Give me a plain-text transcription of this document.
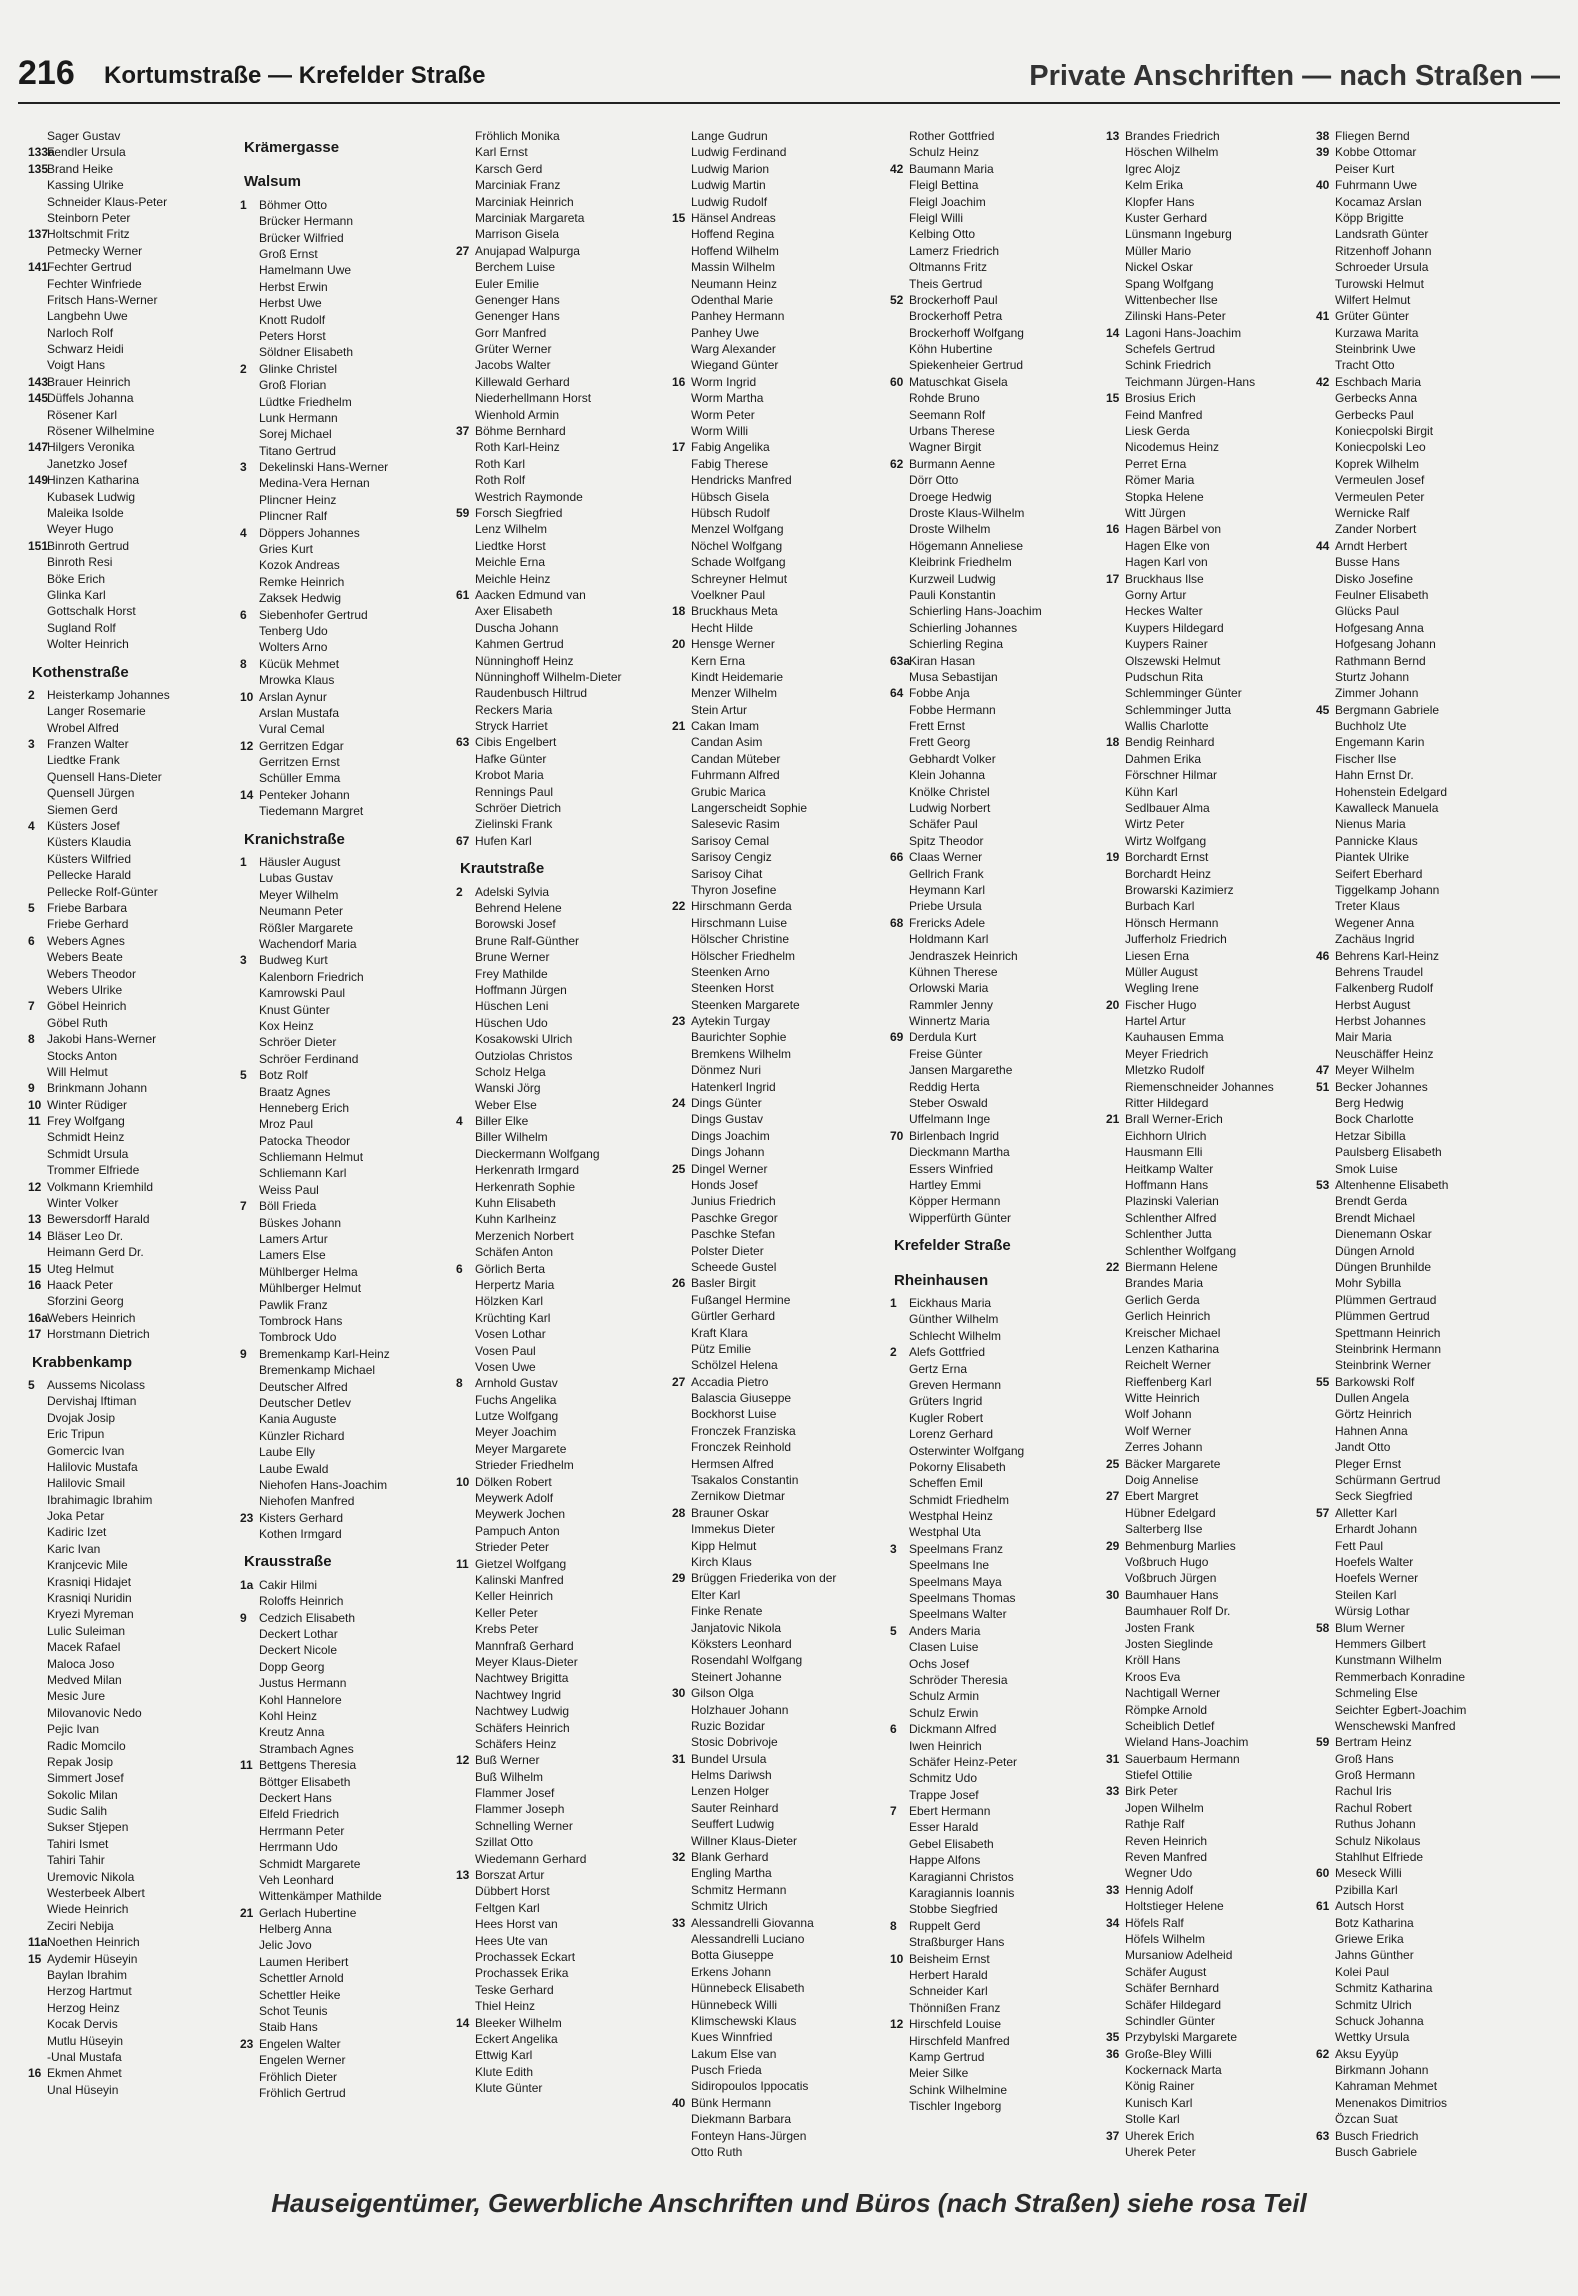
216 Kortumstraße — Krefelder Straße	Private Anschriften — nach Straßen —
Sager Gustav
133aFendler Ursula
135Brand Heike
Kassing Ulrike
Schneider Klaus-Peter
Steinborn Peter
137Holtschmit Fritz
Petmecky Werner
141Fechter Gertrud
Fechter Winfriede
Fritsch Hans-Werner
Langbehn Uwe
Narloch Rolf
Schwarz Heidi
Voigt Hans
143Brauer Heinrich
145Düffels Johanna
Rösener Karl
Rösener Wilhelmine
147Hilgers Veronika
Janetzko Josef
149Hinzen Katharina
Kubasek Ludwig
Maleika Isolde
Weyer Hugo
151Binroth Gertrud
Binroth Resi
Böke Erich
Glinka Karl
Gottschalk Horst
Sugland Rolf
Wolter Heinrich
Kothenstraße
2 Heisterkamp Johannes
Langer Rosemarie
Wrobel Alfred
3 Franzen Walter
Liedtke Frank
Quensell Hans-Dieter
Quensell Jürgen
Siemen Gerd
4 Küsters Josef
Küsters Klaudia
Küsters Wilfried
Pellecke Harald
Pellecke Rolf-Günter
5 Friebe Barbara
Friebe Gerhard
6 Webers Agnes
Webers Beate
Webers Theodor
Webers Ulrike
7 Göbel Heinrich
Göbel Ruth
8 Jakobi Hans-Werner
Stocks Anton
Will Helmut
9 Brinkmann Johann
10 Winter Rüdiger
11 Frey Wolfgang
Schmidt Heinz
Schmidt Ursula
Trommer Elfriede
12 Volkmann Kriemhild
Winter Volker
13 Bewersdorff Harald
14 Bläser Leo Dr.
Heimann Gerd Dr.
15 Uteg Helmut
16 Haack Peter
Sforzini Georg
16aWebers Heinrich
17 Horstmann Dietrich
Krabbenkamp
5 Aussems Nicolass
Dervishaj Iftiman
Dvojak Josip
Eric Tripun
Gomercic Ivan
Halilovic Mustafa
Halilovic Smail
Ibrahimagic Ibrahim
Joka Petar
Kadiric Izet
Karic Ivan
Kranjcevic Mile
Krasniqi Hidajet
Krasniqi Nuridin
Kryezi Myreman
Lulic Suleiman
Macek Rafael
Maloca Joso
Medved Milan
Mesic Jure
Milovanovic Nedo
Pejic Ivan
Radic Momcilo
Repak Josip
Simmert Josef
Sokolic Milan
Sudic Salih
Sukser Stjepen
Tahiri Ismet
Tahiri Tahir
Uremovic Nikola
Westerbeek Albert
Wiede Heinrich
Zeciri Nebija
11aNoethen Heinrich
15 Aydemir Hüseyin
Baylan Ibrahim
Herzog Hartmut
Herzog Heinz
Kocak Dervis
Mutlu Hüseyin
-Unal Mustafa
16 Ekmen Ahmet
Unal Hüseyin
Krämergasse
Walsum
1 Böhmer Otto
Brücker Hermann
Brücker Wilfried
Groß Ernst
Hamelmann Uwe
Herbst Erwin
Herbst Uwe
Knott Rudolf
Peters Horst
Söldner Elisabeth
2 Glinke Christel
Groß Florian
Lüdtke Friedhelm
Lunk Hermann
Sorej Michael
Titano Gertrud
3 Dekelinski Hans-Werner
Medina-Vera Hernan
Plincner Heinz
Plincner Ralf
4 Döppers Johannes
Gries Kurt
Kozok Andreas
Remke Heinrich
Zaksek Hedwig
6 Siebenhofer Gertrud
Tenberg Udo
Wolters Arno
8 Kücük Mehmet
Mrowka Klaus
10 Arslan Aynur
Arslan Mustafa
Vural Cemal
12 Gerritzen Edgar
Gerritzen Ernst
Schüller Emma
14 Penteker Johann
Tiedemann Margret
Kranichstraße
1 Häusler August
Lubas Gustav
Meyer Wilhelm
Neumann Peter
Rößler Margarete
Wachendorf Maria
3 Budweg Kurt
Kalenborn Friedrich
Kamrowski Paul
Knust Günter
Kox Heinz
Schröer Dieter
Schröer Ferdinand
5 Botz Rolf
Braatz Agnes
Henneberg Erich
Mroz Paul
Patocka Theodor
Schliemann Helmut
Schliemann Karl
Weiss Paul
7 Böll Frieda
Büskes Johann
Lamers Artur
Lamers Else
Mühlberger Helma
Mühlberger Helmut
Pawlik Franz
Tombrock Hans
Tombrock Udo
9 Bremenkamp Karl-Heinz
Bremenkamp Michael
Deutscher Alfred
Deutscher Detlev
Kania Auguste
Künzler Richard
Laube Elly
Laube Ewald
Niehofen Hans-Joachim
Niehofen Manfred
23 Kisters Gerhard
Kothen Irmgard
Krausstraße
1a Cakir Hilmi
Roloffs Heinrich
9 Cedzich Elisabeth
Deckert Lothar
Deckert Nicole
Dopp Georg
Justus Hermann
Kohl Hannelore
Kohl Heinz
Kreutz Anna
Strambach Agnes
11 Bettgens Theresia
Böttger Elisabeth
Deckert Hans
Elfeld Friedrich
Herrmann Peter
Herrmann Udo
Schmidt Margarete
Veh Leonhard
Wittenkämper Mathilde
21 Gerlach Hubertine
Helberg Anna
Jelic Jovo
Laumen Heribert
Schettler Arnold
Schettler Heike
Schot Teunis
Staib Hans
23 Engelen Walter
Engelen Werner
Fröhlich Dieter
Fröhlich Gertrud
Fröhlich Monika
Karl Ernst
Karsch Gerd
Marciniak Franz
Marciniak Heinrich
Marciniak Margareta
Marrison Gisela
27 Anujapad Walpurga
Berchem Luise
Euler Emilie
Genenger Hans
Genenger Hans
Gorr Manfred
Grüter Werner
Jacobs Walter
Killewald Gerhard
Niederhellmann Horst
Wienhold Armin
37 Böhme Bernhard
Roth Karl-Heinz
Roth Karl
Roth Rolf
Westrich Raymonde
59 Forsch Siegfried
Lenz Wilhelm
Liedtke Horst
Meichle Erna
Meichle Heinz
61 Aacken Edmund van
Axer Elisabeth
Duscha Johann
Kahmen Gertrud
Nünninghoff Heinz
Nünninghoff Wilhelm-Dieter
Raudenbusch Hiltrud
Reckers Maria
Stryck Harriet
63 Cibis Engelbert
Hafke Günter
Krobot Maria
Rennings Paul
Schröer Dietrich
Zielinski Frank
67 Hufen Karl
Krautstraße
2 Adelski Sylvia
Behrend Helene
Borowski Josef
Brune Ralf-Günther
Brune Werner
Frey Mathilde
Hoffmann Jürgen
Hüschen Leni
Hüschen Udo
Kosakowski Ulrich
Outziolas Christos
Scholz Helga
Wanski Jörg
Weber Else
4 Biller Elke
Biller Wilhelm
Dieckermann Wolfgang
Herkenrath Irmgard
Herkenrath Sophie
Kuhn Elisabeth
Kuhn Karlheinz
Merzenich Norbert
Schäfen Anton
6 Görlich Berta
Herpertz Maria
Hölzken Karl
Krüchting Karl
Vosen Lothar
Vosen Paul
Vosen Uwe
8 Arnhold Gustav
Fuchs Angelika
Lutze Wolfgang
Meyer Joachim
Meyer Margarete
Strieder Friedhelm
10 Dölken Robert
Meywerk Adolf
Meywerk Jochen
Pampuch Anton
Strieder Peter
11 Gietzel Wolfgang
Kalinski Manfred
Keller Heinrich
Keller Peter
Krebs Peter
Mannfraß Gerhard
Meyer Klaus-Dieter
Nachtwey Brigitta
Nachtwey Ingrid
Nachtwey Ludwig
Schäfers Heinrich
Schäfers Heinz
12 Buß Werner
Buß Wilhelm
Flammer Josef
Flammer Joseph
Schnelling Werner
Szillat Otto
Wiedemann Gerhard
13 Borszat Artur
Dübbert Horst
Feltgen Karl
Hees Horst van
Hees Ute van
Prochassek Eckart
Prochassek Erika
Teske Gerhard
Thiel Heinz
14 Bleeker Wilhelm
Eckert Angelika
Ettwig Karl
Klute Edith
Klute Günter
Lange Gudrun
Ludwig Ferdinand
Ludwig Marion
Ludwig Martin
Ludwig Rudolf
15 Hänsel Andreas
Hoffend Regina
Hoffend Wilhelm
Massin Wilhelm
Neumann Heinz
Odenthal Marie
Panhey Hermann
Panhey Uwe
Warg Alexander
Wiegand Günter
16 Worm Ingrid
Worm Martha
Worm Peter
Worm Willi
17 Fabig Angelika
Fabig Therese
Hendricks Manfred
Hübsch Gisela
Hübsch Rudolf
Menzel Wolfgang
Nöchel Wolfgang
Schade Wolfgang
Schreyner Helmut
Voelkner Paul
18 Bruckhaus Meta
Hecht Hilde
20 Hensge Werner
Kern Erna
Kindt Heidemarie
Menzer Wilhelm
Stein Artur
21 Cakan Imam
Candan Asim
Candan Müteber
Fuhrmann Alfred
Grubic Marica
Langerscheidt Sophie
Salesevic Rasim
Sarisoy Cemal
Sarisoy Cengiz
Sarisoy Cihat
Thyron Josefine
22 Hirschmann Gerda
Hirschmann Luise
Hölscher Christine
Hölscher Friedhelm
Steenken Arno
Steenken Horst
Steenken Margarete
23 Aytekin Turgay
Baurichter Sophie
Bremkens Wilhelm
Dönmez Nuri
Hatenkerl Ingrid
24 Dings Günter
Dings Gustav
Dings Joachim
Dings Johann
25 Dingel Werner
Honds Josef
Junius Friedrich
Paschke Gregor
Paschke Stefan
Polster Dieter
Scheede Gustel
26 Basler Birgit
Fußangel Hermine
Gürtler Gerhard
Kraft Klara
Pütz Emilie
Schölzel Helena
27 Accadia Pietro
Balascia Giuseppe
Bockhorst Luise
Fronczek Franziska
Fronczek Reinhold
Hermsen Alfred
Tsakalos Constantin
Zernikow Dietmar
28 Brauner Oskar
Immekus Dieter
Kipp Helmut
Kirch Klaus
29 Brüggen Friederika von der
Elter Karl
Finke Renate
Janjatovic Nikola
Köksters Leonhard
Rosendahl Wolfgang
Steinert Johanne
30 Gilson Olga
Holzhauer Johann
Ruzic Bozidar
Stosic Dobrivoje
31 Bundel Ursula
Helms Dariwsh
Lenzen Holger
Sauter Reinhard
Seuffert Ludwig
Willner Klaus-Dieter
32 Blank Gerhard
Engling Martha
Schmitz Hermann
Schmitz Ulrich
33 Alessandrelli Giovanna
Alessandrelli Luciano
Botta Giuseppe
Erkens Johann
Hünnebeck Elisabeth
Hünnebeck Willi
Klimschewski Klaus
Kues Winnfried
Lakum Else van
Pusch Frieda
Sidiropoulos Ippocatis
40 Bünk Hermann
Diekmann Barbara
Fonteyn Hans-Jürgen
Otto Ruth
Rother Gottfried
Schulz Heinz
42 Baumann Maria
Fleigl Bettina
Fleigl Joachim
Fleigl Willi
Kelbing Otto
Lamerz Friedrich
Oltmanns Fritz
Theis Gertrud
52 Brockerhoff Paul
Brockerhoff Petra
Brockerhoff Wolfgang
Köhn Hubertine
Spiekenheier Gertrud
60 Matuschkat Gisela
Rohde Bruno
Seemann Rolf
Urbans Therese
Wagner Birgit
62 Burmann Aenne
Dörr Otto
Droege Hedwig
Droste Klaus-Wilhelm
Droste Wilhelm
Högemann Anneliese
Kleibrink Friedhelm
Kurzweil Ludwig
Pauli Konstantin
Schierling Hans-Joachim
Schierling Johannes
Schierling Regina
63aKiran Hasan
Musa Sebastijan
64 Fobbe Anja
Fobbe Hermann
Frett Ernst
Frett Georg
Gebhardt Volker
Klein Johanna
Knölke Christel
Ludwig Norbert
Schäfer Paul
Spitz Theodor
66 Claas Werner
Gellrich Frank
Heymann Karl
Priebe Ursula
68 Frericks Adele
Holdmann Karl
Jendraszek Heinrich
Kühnen Therese
Orlowski Maria
Rammler Jenny
Winnertz Maria
69 Derdula Kurt
Freise Günter
Jansen Margarethe
Reddig Herta
Steber Oswald
Uffelmann Inge
70 Birlenbach Ingrid
Dieckmann Martha
Essers Winfried
Hartley Emmi
Köpper Hermann
Wipperfürth Günter
Krefelder Straße
Rheinhausen
1 Eickhaus Maria
Günther Wilhelm
Schlecht Wilhelm
2 Alefs Gottfried
Gertz Erna
Greven Hermann
Grüters Ingrid
Kugler Robert
Lorenz Gerhard
Osterwinter Wolfgang
Pokorny Elisabeth
Scheffen Emil
Schmidt Friedhelm
Westphal Heinz
Westphal Uta
3 Speelmans Franz
Speelmans Ine
Speelmans Maya
Speelmans Thomas
Speelmans Walter
5 Anders Maria
Clasen Luise
Ochs Josef
Schröder Theresia
Schulz Armin
Schulz Erwin
6 Dickmann Alfred
Iwen Heinrich
Schäfer Heinz-Peter
Schmitz Udo
Trappe Josef
7 Ebert Hermann
Esser Harald
Gebel Elisabeth
Happe Alfons
Karagianni Christos
Karagiannis Ioannis
Stobbe Siegfried
8 Ruppelt Gerd
Straßburger Hans
10 Beisheim Ernst
Herbert Harald
Schneider Karl
Thönnißen Franz
12 Hirschfeld Louise
Hirschfeld Manfred
Kamp Gertrud
Meier Silke
Schink Wilhelmine
Tischler Ingeborg
13 Brandes Friedrich
Höschen Wilhelm
Igrec Alojz
Kelm Erika
Klopfer Hans
Kuster Gerhard
Lünsmann Ingeburg
Müller Mario
Nickel Oskar
Spang Wolfgang
Wittenbecher Ilse
Zilinski Hans-Peter
14 Lagoni Hans-Joachim
Schefels Gertrud
Schink Friedrich
Teichmann Jürgen-Hans
15 Brosius Erich
Feind Manfred
Liesk Gerda
Nicodemus Heinz
Perret Erna
Römer Maria
Stopka Helene
Witt Jürgen
16 Hagen Bärbel von
Hagen Elke von
Hagen Karl von
17 Bruckhaus Ilse
Gorny Artur
Heckes Walter
Kuypers Hildegard
Kuypers Rainer
Olszewski Helmut
Pudschun Rita
Schlemminger Günter
Schlemminger Jutta
Wallis Charlotte
18 Bendig Reinhard
Dahmen Erika
Förschner Hilmar
Kühn Karl
Sedlbauer Alma
Wirtz Peter
Wirtz Wolfgang
19 Borchardt Ernst
Borchardt Heinz
Browarski Kazimierz
Burbach Karl
Hönsch Hermann
Jufferholz Friedrich
Liesen Erna
Müller August
Wegling Irene
20 Fischer Hugo
Hartel Artur
Kauhausen Emma
Meyer Friedrich
Mletzko Rudolf
Riemenschneider Johannes
Ritter Hildegard
21 Brall Werner-Erich
Eichhorn Ulrich
Hausmann Elli
Heitkamp Walter
Hoffmann Hans
Plazinski Valerian
Schlenther Alfred
Schlenther Jutta
Schlenther Wolfgang
22 Biermann Helene
Brandes Maria
Gerlich Gerda
Gerlich Heinrich
Kreischer Michael
Lenzen Katharina
Reichelt Werner
Rieffenberg Karl
Witte Heinrich
Wolf Johann
Wolf Werner
Zerres Johann
25 Bäcker Margarete
Doig Annelise
27 Ebert Margret
Hübner Edelgard
Salterberg Ilse
29 Behmenburg Marlies
Voßbruch Hugo
Voßbruch Jürgen
30 Baumhauer Hans
Baumhauer Rolf Dr.
Josten Frank
Josten Sieglinde
Kröll Hans
Kroos Eva
Nachtigall Werner
Römpke Arnold
Scheiblich Detlef
Wieland Hans-Joachim
31 Sauerbaum Hermann
Stiefel Ottilie
33 Birk Peter
Jopen Wilhelm
Rathje Ralf
Reven Heinrich
Reven Manfred
Wegner Udo
33 Hennig Adolf
Holtstieger Helene
34 Höfels Ralf
Höfels Wilhelm
Mursaniow Adelheid
Schäfer August
Schäfer Bernhard
Schäfer Hildegard
Schindler Günter
35 Przybylski Margarete
36 Große-Bley Willi
Kockernack Marta
König Rainer
Kunisch Karl
Stolle Karl
37 Uherek Erich
Uherek Peter
38 Fliegen Bernd
39 Kobbe Ottomar
Peiser Kurt
40 Fuhrmann Uwe
Kocamaz Arslan
Köpp Brigitte
Landsrath Günter
Ritzenhoff Johann
Schroeder Ursula
Turowski Helmut
Wilfert Helmut
41 Grüter Günter
Kurzawa Marita
Steinbrink Uwe
Tracht Otto
42 Eschbach Maria
Gerbecks Anna
Gerbecks Paul
Koniecpolski Birgit
Koniecpolski Leo
Koprek Wilhelm
Vermeulen Josef
Vermeulen Peter
Wernicke Ralf
Zander Norbert
44 Arndt Herbert
Busse Hans
Disko Josefine
Feulner Elisabeth
Glücks Paul
Hofgesang Anna
Hofgesang Johann
Rathmann Bernd
Sturtz Johann
Zimmer Johann
45 Bergmann Gabriele
Buchholz Ute
Engemann Karin
Fischer Ilse
Hahn Ernst Dr.
Hohenstein Edelgard
Kawalleck Manuela
Nienus Maria
Pannicke Klaus
Piantek Ulrike
Seifert Eberhard
Tiggelkamp Johann
Treter Klaus
Wegener Anna
Zachäus Ingrid
46 Behrens Karl-Heinz
Behrens Traudel
Falkenberg Rudolf
Herbst August
Herbst Johannes
Mair Maria
Neuschäffer Heinz
47 Meyer Wilhelm
51 Becker Johannes
Berg Hedwig
Bock Charlotte
Hetzar Sibilla
Paulsberg Elisabeth
Smok Luise
53 Altenhenne Elisabeth
Brendt Gerda
Brendt Michael
Dienemann Oskar
Düngen Arnold
Düngen Brunhilde
Mohr Sybilla
Plümmen Gertraud
Plümmen Gertrud
Spettmann Heinrich
Steinbrink Hermann
Steinbrink Werner
55 Barkowski Rolf
Dullen Angela
Görtz Heinrich
Hahnen Anna
Jandt Otto
Pleger Ernst
Schürmann Gertrud
Seck Siegfried
57 Alletter Karl
Erhardt Johann
Fett Paul
Hoefels Walter
Hoefels Werner
Steilen Karl
Würsig Lothar
58 Blum Werner
Hemmers Gilbert
Kunstmann Wilhelm
Remmerbach Konradine
Schmeling Else
Seichter Egbert-Joachim
Wenschewski Manfred
59 Bertram Heinz
Groß Hans
Groß Hermann
Rachul Iris
Rachul Robert
Ruthus Johann
Schulz Nikolaus
Stahlhut Elfriede
60 Meseck Willi
Pzibilla Karl
61 Autsch Horst
Botz Katharina
Griewe Erika
Jahns Günther
Kolei Paul
Schmitz Katharina
Schmitz Ulrich
Schuck Johanna
Wettky Ursula
62 Aksu Eyyüp
Birkmann Johann
Kahraman Mehmet
Menenakos Dimitrios
Özcan Suat
63 Busch Friedrich
Busch Gabriele
Hauseigentümer, Gewerbliche Anschriften und Büros (nach Straßen) siehe rosa Teil
